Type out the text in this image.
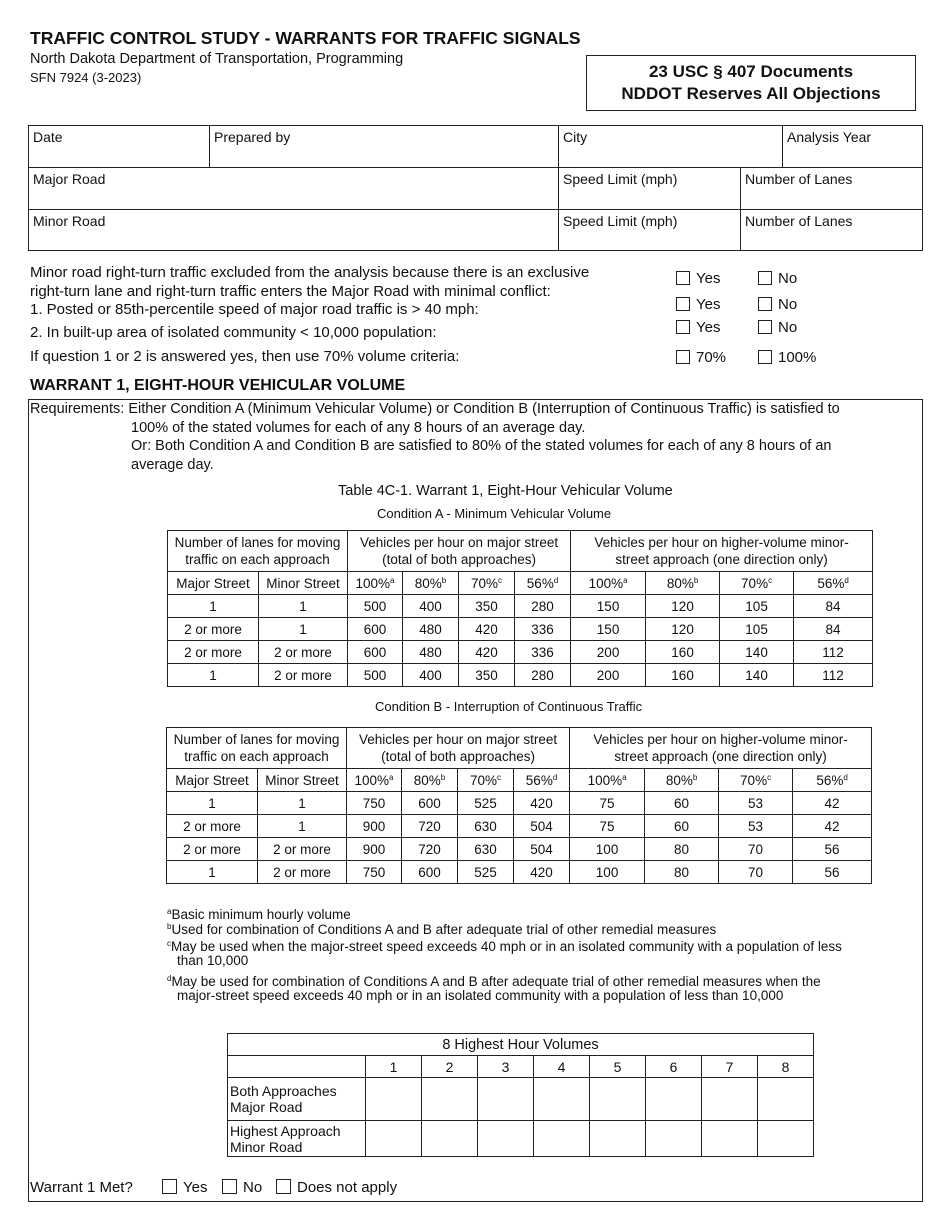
TRAFFIC CONTROL STUDY - WARRANTS FOR TRAFFIC SIGNALS
North Dakota Department of Transportation, Programming
SFN 7924 (3-2023)	23 USC § 407 Documents
NDDOT Reserves All Objections
Date	Prepared by	City	Analysis Year
Major Road	Speed Limit (mph)	Number of Lanes
Minor Road	Speed Limit (mph)	Number of Lanes
Minor road right-turn traffic excluded from the analysis because there is an exclusive
right-turn lane and right-turn traffic enters the Major Road with minimal conflict:
1. Posted or 85th-percentile speed of major road traffic is > 40 mph:
2. In built-up area of isolated community < 10,000 population:
If question 1 or 2 is answered yes, then use 70% volume criteria:
Yes	No
Yes	No
Yes	No
70%	100%
WARRANT 1, EIGHT-HOUR VEHICULAR VOLUME
Requirements: Either Condition A (Minimum Vehicular Volume) or Condition B (Interruption of Continuous Traffic) is satisfied to
100% of the stated volumes for each of any 8 hours of an average day.
Or: Both Condition A and Condition B are satisfied to 80% of the stated volumes for each of any 8 hours of an
average day.
Table 4C-1. Warrant 1, Eight-Hour Vehicular Volume
Condition A - Minimum Vehicular Volume
Number of lanes for moving
traffic on each approach		Vehicles per hour on major street
(total of both approaches)				Vehicles per hour on higher-volume minor-
street approach (one direction only)			
Major Street	Minor Street	100%$^a$	80%$^b$	70%$^c$	56%$^d$	100%$^a$	80%$^b$	70%$^c$	56%$^d$
1	1	500	400	350	280	150	120	105	84
2 or more	1	600	480	420	336	150	120	105	84
2 or more	2 or more	600	480	420	336	200	160	140	112
1	2 or more	500	400	350	280	200	160	140	112
Condition B - Interruption of Continuous Traffic
Number of lanes for moving
traffic on each approach		Vehicles per hour on major street
(total of both approaches)				Vehicles per hour on higher-volume minor-
street approach (one direction only)			
Major Street	Minor Street	100%$^a$	80%$^b$	70%$^c$	56%$^d$	100%$^a$	80%$^b$	70%$^c$	56%$^d$
1	1	750	600	525	420	75	60	53	42
2 or more	1	900	720	630	504	75	60	53	42
2 or more	2 or more	900	720	630	504	100	80	70	56
1	2 or more	750	600	525	420	100	80	70	56
$^a$Basic minimum hourly volume
$^b$Used for combination of Conditions A and B after adequate trial of other remedial measures
$^c$May be used when the major-street speed exceeds 40 mph or in an isolated community with a population of less
than 10,000
$^d$May be used for combination of Conditions A and B after adequate trial of other remedial measures when the
major-street speed exceeds 40 mph or in an isolated community with a population of less than 10,000
8 Highest Hour Volumes								
	1	2	3	4	5	6	7	8
Both Approaches
Major Road								
Highest Approach
Minor Road								
Warrant 1 Met?	Yes	No	Does not apply
